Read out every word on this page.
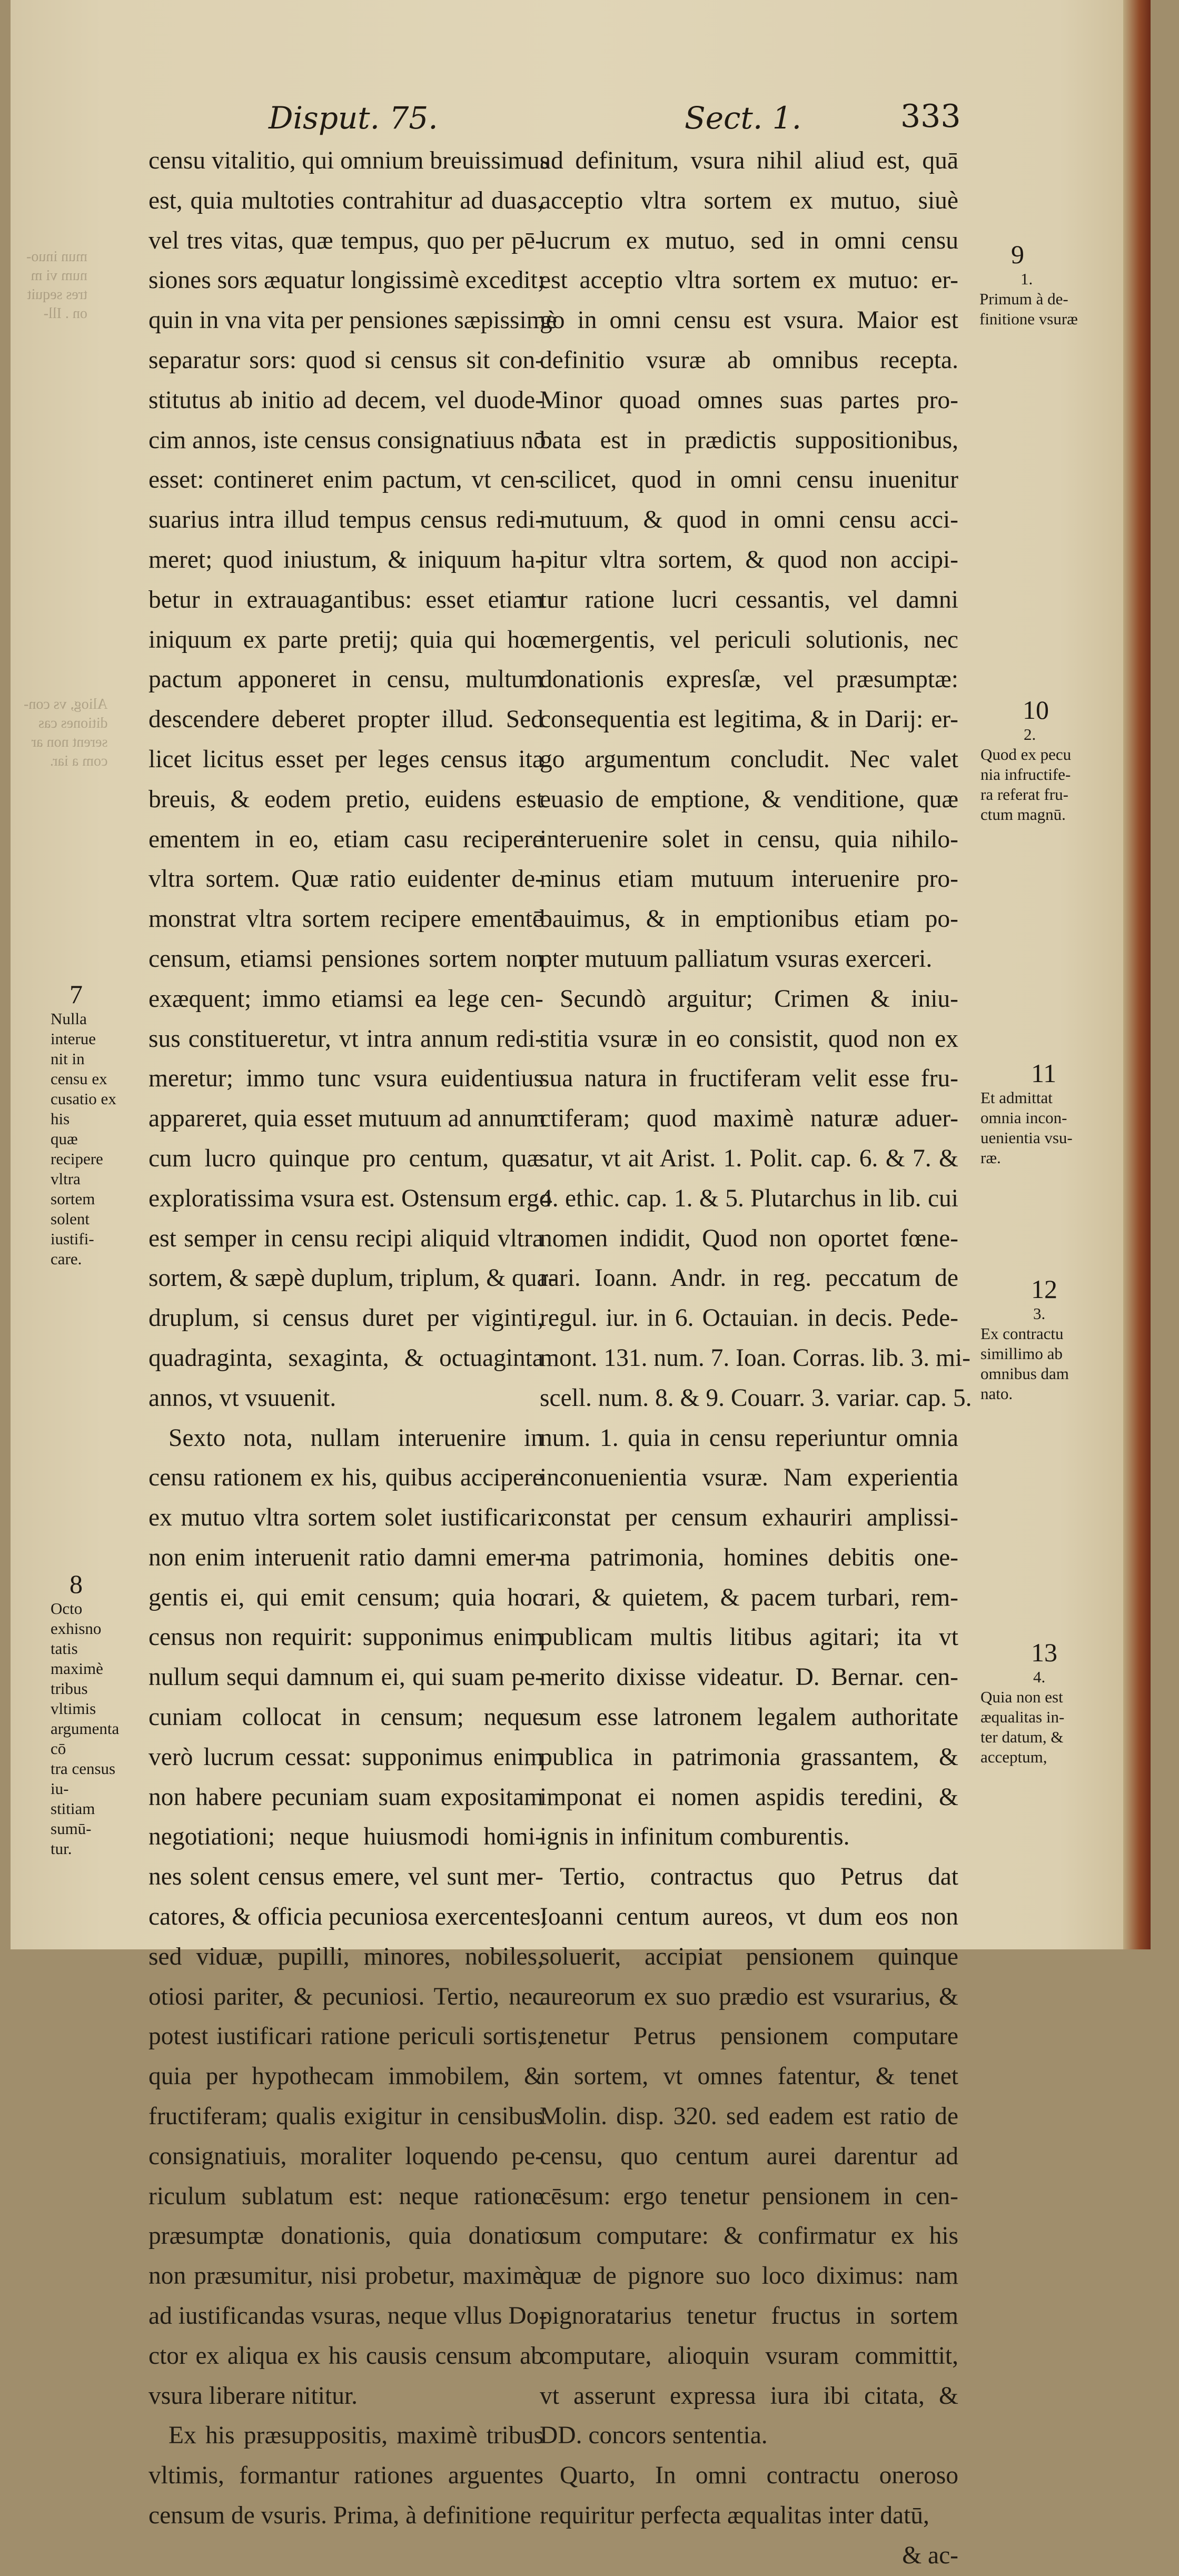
mun inuo-
num vi m
tres sequit
on . Ill-
Aliog, vs con-
ditiones cas
serent non ar
com a iar.
Disput. 75.	Sect. 1.	333
censu vitalitio, qui omnium breuissimus
est, quia multoties contrahitur ad duas,
vel tres vitas, quæ tempus, quo per pē-
siones sors æquatur longissimè excedit;
quin in vna vita per pensiones sæpissimè
separatur sors: quod si census sit con-
stitutus ab initio ad decem, vel duode-
cim annos, iste census consignatiuus nō
esset: contineret enim pactum, vt cen-
suarius intra illud tempus census redi-
meret; quod iniustum, & iniquum ha-
betur in extrauagantibus: esset etiam
iniquum ex parte pretij; quia qui hoc
pactum apponeret in censu, multum
descendere deberet propter illud. Sed
licet licitus esset per leges census ita
breuis, & eodem pretio, euidens est
ementem in eo, etiam casu recipere
vltra sortem. Quæ ratio euidenter de-
monstrat vltra sortem recipere ementē
censum, etiamsi pensiones sortem non
exæquent; immo etiamsi ea lege cen-
sus constitueretur, vt intra annum redi-
meretur; immo tunc vsura euidentius
appareret, quia esset mutuum ad annum
cum lucro quinque pro centum, quæ
exploratissima vsura est. Ostensum ergo
est semper in censu recipi aliquid vltra
sortem, & sæpè duplum, triplum, & qua-
druplum, si census duret per viginti,
quadraginta, sexaginta, & octuaginta
annos, vt vsuuenit.
Sexto nota, nullam interuenire in
censu rationem ex his, quibus accipere
ex mutuo vltra sortem solet iustificari:
non enim interuenit ratio damni emer-
gentis ei, qui emit censum; quia hoc
census non requirit: supponimus enim
nullum sequi damnum ei, qui suam pe-
cuniam collocat in censum; neque
verò lucrum cessat: supponimus enim
non habere pecuniam suam expositam
negotiationi; neque huiusmodi homi-
nes solent census emere, vel sunt mer-
catores, & officia pecuniosa exercentes;
sed viduæ, pupilli, minores, nobiles,
otiosi pariter, & pecuniosi. Tertio, nec
potest iustificari ratione periculi sortis,
quia per hypothecam immobilem, &
fructiferam; qualis exigitur in censibus
consignatiuis, moraliter loquendo pe-
riculum sublatum est: neque ratione
præsumptæ donationis, quia donatio
non præsumitur, nisi probetur, maximè
ad iustificandas vsuras, neque vllus Do-
ctor ex aliqua ex his causis censum ab
vsura liberare nititur.
Ex his præsuppositis, maximè tribus
vltimis, formantur rationes arguentes
censum de vsuris. Prima, à definitione
ad definitum, vsura nihil aliud est, quā
acceptio vltra sortem ex mutuo, siuè
lucrum ex mutuo, sed in omni censu
est acceptio vltra sortem ex mutuo: er-
go in omni censu est vsura. Maior est
definitio vsuræ ab omnibus recepta.
Minor quoad omnes suas partes pro-
bata est in prædictis suppositionibus,
scilicet, quod in omni censu inuenitur
mutuum, & quod in omni censu acci-
pitur vltra sortem, & quod non accipi-
tur ratione lucri cessantis, vel damni
emergentis, vel periculi solutionis, nec
donationis expresſæ, vel præsumptæ:
consequentia est legitima, & in Darij: er-
go argumentum concludit. Nec valet
euasio de emptione, & venditione, quæ
interuenire solet in censu, quia nihilo-
minus etiam mutuum interuenire pro-
bauimus, & in emptionibus etiam po-
pter mutuum palliatum vsuras exerceri.
Secundò arguitur; Crimen & iniu-
stitia vsuræ in eo consistit, quod non ex
sua natura in fructiferam velit esse fru-
ctiferam; quod maximè naturæ aduer-
satur, vt ait Arist. 1. Polit. cap. 6. & 7. &
4. ethic. cap. 1. & 5. Plutarchus in lib. cui
nomen indidit, Quod non oportet fœne-
rari. Ioann. Andr. in reg. peccatum de
regul. iur. in 6. Octauian. in decis. Pede-
mont. 131. num. 7. Ioan. Corras. lib. 3. mi-
scell. num. 8. & 9. Couarr. 3. variar. cap. 5.
num. 1. quia in censu reperiuntur omnia
inconuenientia vsuræ. Nam experientia
constat per censum exhauriri amplissi-
ma patrimonia, homines debitis one-
rari, & quietem, & pacem turbari, rem-
publicam multis litibus agitari; ita vt
merito dixisse videatur. D. Bernar. cen-
sum esse latronem legalem authoritate
publica in patrimonia grassantem, &
imponat ei nomen aspidis teredini, &
ignis in infinitum comburentis.
Tertio, contractus quo Petrus dat
Ioanni centum aureos, vt dum eos non
soluerit, accipiat pensionem quinque
aureorum ex suo prædio est vsurarius, &
tenetur Petrus pensionem computare
in sortem, vt omnes fatentur, & tenet
Molin. disp. 320. sed eadem est ratio de
censu, quo centum aurei darentur ad
cēsum: ergo tenetur pensionem in cen-
sum computare: & confirmatur ex his
quæ de pignore suo loco diximus: nam
pignoratarius tenetur fructus in sortem
computare, alioquin vsuram committit,
vt asserunt expressa iura ibi citata, &
DD. concors sententia.
Quarto, In omni contractu oneroso
requiritur perfecta æqualitas inter datū,
& ac-
7
Nulla interue
nit in censu ex
cusatio ex his
quæ recipere
vltra sortem
solent iustifi-
care.
8
Octo exhisno
tatis maximè
tribus vltimis
argumenta cō
tra census iu-
stitiam sumū-
tur.
9
1.
Primum à de-
finitione vsuræ
10
2.
Quod ex pecu
nia infructife-
ra referat fru-
ctum magnū.
11
Et admittat
omnia incon-
uenientia vsu-
ræ.
12
3.
Ex contractu
simillimo ab
omnibus dam
nato.
13
4.
Quia non est
æqualitas in-
ter datum, &
acceptum,
